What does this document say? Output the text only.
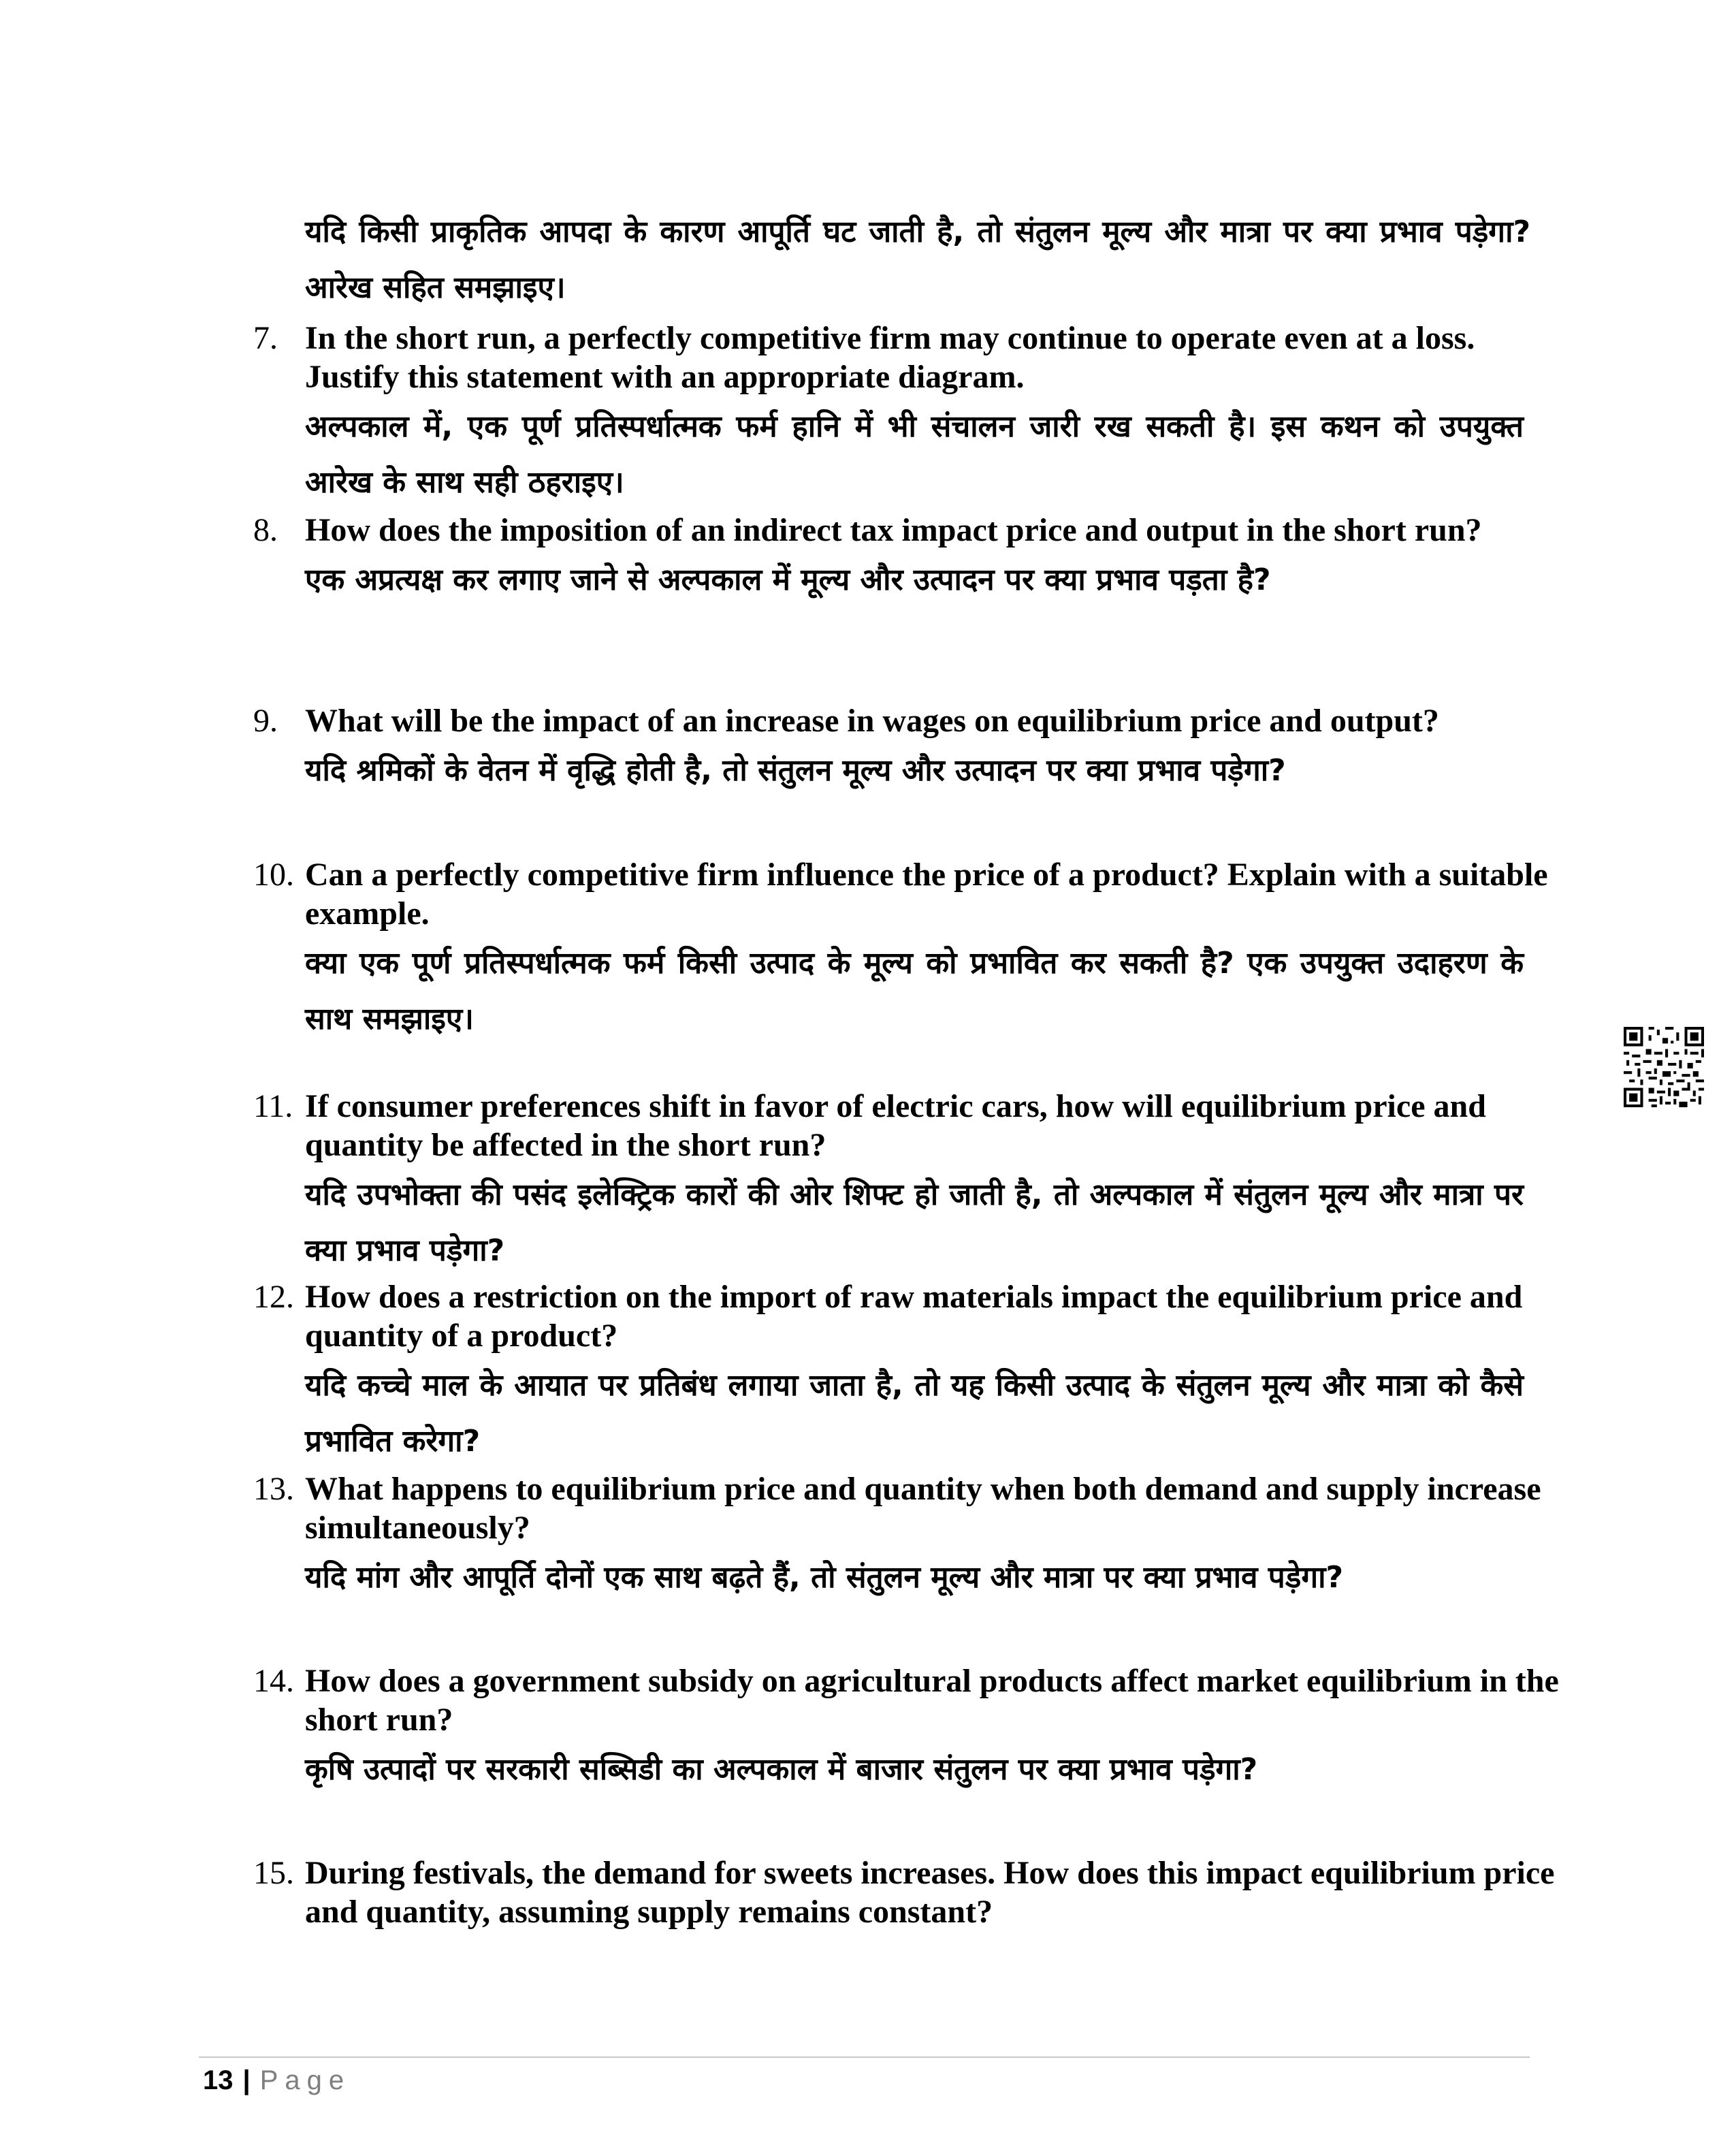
यदि किसी प्राकृतिक आपदा के कारण आपूर्ति घट जाती है, तो संतुलन मूल्य और मात्रा पर क्या प्रभाव पड़ेगा? आरेख सहित समझाइए।

7. In the short run, a perfectly competitive firm may continue to operate even at a loss. Justify this statement with an appropriate diagram.
अल्पकाल में, एक पूर्ण प्रतिस्पर्धात्मक फर्म हानि में भी संचालन जारी रख सकती है। इस कथन को उपयुक्त आरेख के साथ सही ठहराइए।
8. How does the imposition of an indirect tax impact price and output in the short run?
एक अप्रत्यक्ष कर लगाए जाने से अल्पकाल में मूल्य और उत्पादन पर क्या प्रभाव पड़ता है?
9. What will be the impact of an increase in wages on equilibrium price and output?
यदि श्रमिकों के वेतन में वृद्धि होती है, तो संतुलन मूल्य और उत्पादन पर क्या प्रभाव पड़ेगा?
10. Can a perfectly competitive firm influence the price of a product? Explain with a suitable example.
क्या एक पूर्ण प्रतिस्पर्धात्मक फर्म किसी उत्पाद के मूल्य को प्रभावित कर सकती है? एक उपयुक्त उदाहरण के साथ समझाइए।
11. If consumer preferences shift in favor of electric cars, how will equilibrium price and quantity be affected in the short run?
यदि उपभोक्ता की पसंद इलेक्ट्रिक कारों की ओर शिफ्ट हो जाती है, तो अल्पकाल में संतुलन मूल्य और मात्रा पर क्या प्रभाव पड़ेगा?
12. How does a restriction on the import of raw materials impact the equilibrium price and quantity of a product?
यदि कच्चे माल के आयात पर प्रतिबंध लगाया जाता है, तो यह किसी उत्पाद के संतुलन मूल्य और मात्रा को कैसे प्रभावित करेगा?
13. What happens to equilibrium price and quantity when both demand and supply increase simultaneously?
यदि मांग और आपूर्ति दोनों एक साथ बढ़ते हैं, तो संतुलन मूल्य और मात्रा पर क्या प्रभाव पड़ेगा?
14. How does a government subsidy on agricultural products affect market equilibrium in the short run?
कृषि उत्पादों पर सरकारी सब्सिडी का अल्पकाल में बाजार संतुलन पर क्या प्रभाव पड़ेगा?
15. During festivals, the demand for sweets increases. How does this impact equilibrium price and quantity, assuming supply remains constant?
13 | Page
